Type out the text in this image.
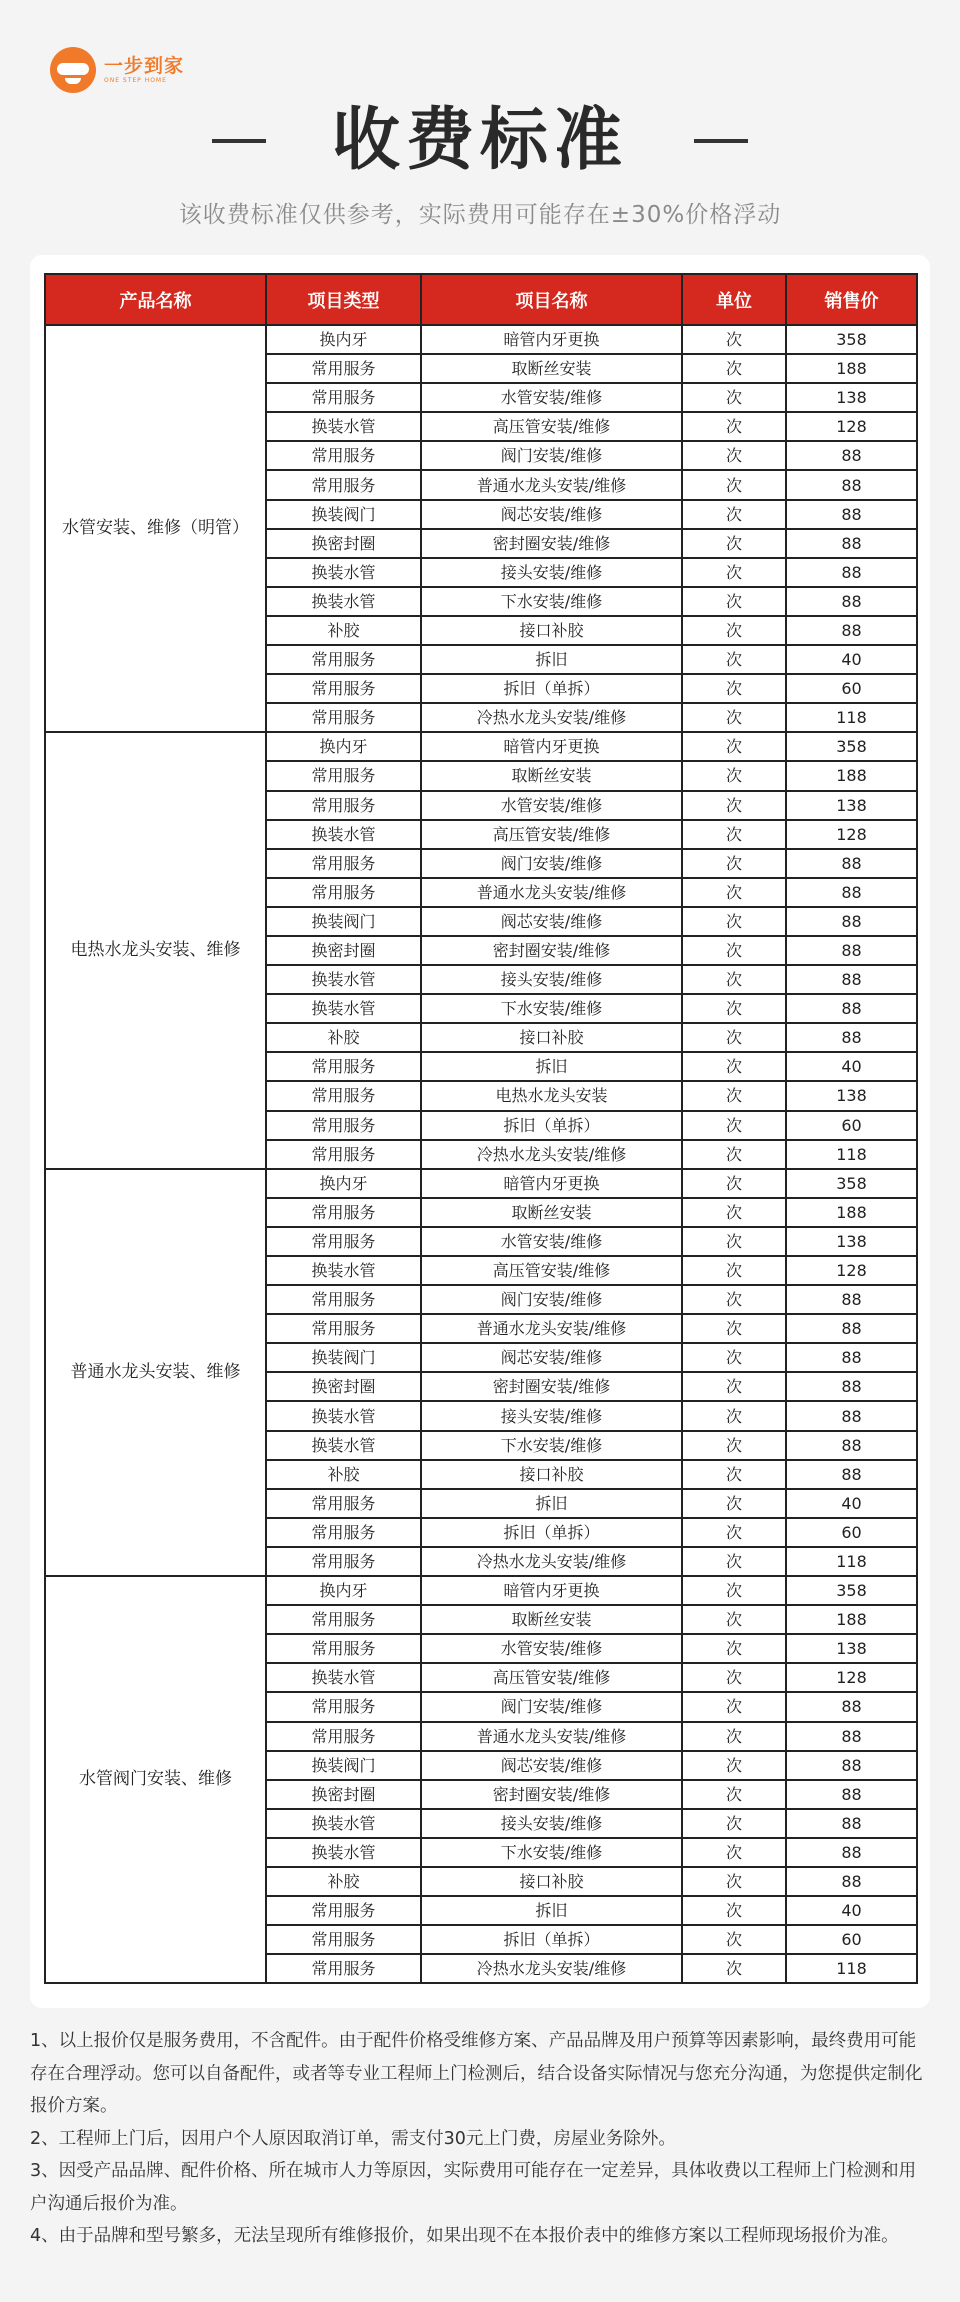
一步到家
ONE STEP HOME
收费标准
该收费标准仅供参考，实际费用可能存在±30%价格浮动
产品名称	项目类型	项目名称	单位	销售价
水管安装、维修（明管）	换内牙	暗管内牙更换	次	358
	常用服务	取断丝安装	次	188
	常用服务	水管安装/维修	次	138
	换装水管	高压管安装/维修	次	128
	常用服务	阀门安装/维修	次	88
	常用服务	普通水龙头安装/维修	次	88
	换装阀门	阀芯安装/维修	次	88
	换密封圈	密封圈安装/维修	次	88
	换装水管	接头安装/维修	次	88
	换装水管	下水安装/维修	次	88
	补胶	接口补胶	次	88
	常用服务	拆旧	次	40
	常用服务	拆旧（单拆）	次	60
	常用服务	冷热水龙头安装/维修	次	118
电热水龙头安装、维修	换内牙	暗管内牙更换	次	358
	常用服务	取断丝安装	次	188
	常用服务	水管安装/维修	次	138
	换装水管	高压管安装/维修	次	128
	常用服务	阀门安装/维修	次	88
	常用服务	普通水龙头安装/维修	次	88
	换装阀门	阀芯安装/维修	次	88
	换密封圈	密封圈安装/维修	次	88
	换装水管	接头安装/维修	次	88
	换装水管	下水安装/维修	次	88
	补胶	接口补胶	次	88
	常用服务	拆旧	次	40
	常用服务	电热水龙头安装	次	138
	常用服务	拆旧（单拆）	次	60
	常用服务	冷热水龙头安装/维修	次	118
普通水龙头安装、维修	换内牙	暗管内牙更换	次	358
	常用服务	取断丝安装	次	188
	常用服务	水管安装/维修	次	138
	换装水管	高压管安装/维修	次	128
	常用服务	阀门安装/维修	次	88
	常用服务	普通水龙头安装/维修	次	88
	换装阀门	阀芯安装/维修	次	88
	换密封圈	密封圈安装/维修	次	88
	换装水管	接头安装/维修	次	88
	换装水管	下水安装/维修	次	88
	补胶	接口补胶	次	88
	常用服务	拆旧	次	40
	常用服务	拆旧（单拆）	次	60
	常用服务	冷热水龙头安装/维修	次	118
水管阀门安装、维修	换内牙	暗管内牙更换	次	358
	常用服务	取断丝安装	次	188
	常用服务	水管安装/维修	次	138
	换装水管	高压管安装/维修	次	128
	常用服务	阀门安装/维修	次	88
	常用服务	普通水龙头安装/维修	次	88
	换装阀门	阀芯安装/维修	次	88
	换密封圈	密封圈安装/维修	次	88
	换装水管	接头安装/维修	次	88
	换装水管	下水安装/维修	次	88
	补胶	接口补胶	次	88
	常用服务	拆旧	次	40
	常用服务	拆旧（单拆）	次	60
	常用服务	冷热水龙头安装/维修	次	118

1、以上报价仅是服务费用，不含配件。由于配件价格受维修方案、产品品牌及用户预算等因素影响，最终费用可能存在合理浮动。您可以自备配件，或者等专业工程师上门检测后，结合设备实际情况与您充分沟通，为您提供定制化报价方案。

2、工程师上门后，因用户个人原因取消订单，需支付30元上门费，房屋业务除外。

3、因受产品品牌、配件价格、所在城市人力等原因，实际费用可能存在一定差异，具体收费以工程师上门检测和用户沟通后报价为准。

4、由于品牌和型号繁多，无法呈现所有维修报价，如果出现不在本报价表中的维修方案以工程师现场报价为准。
